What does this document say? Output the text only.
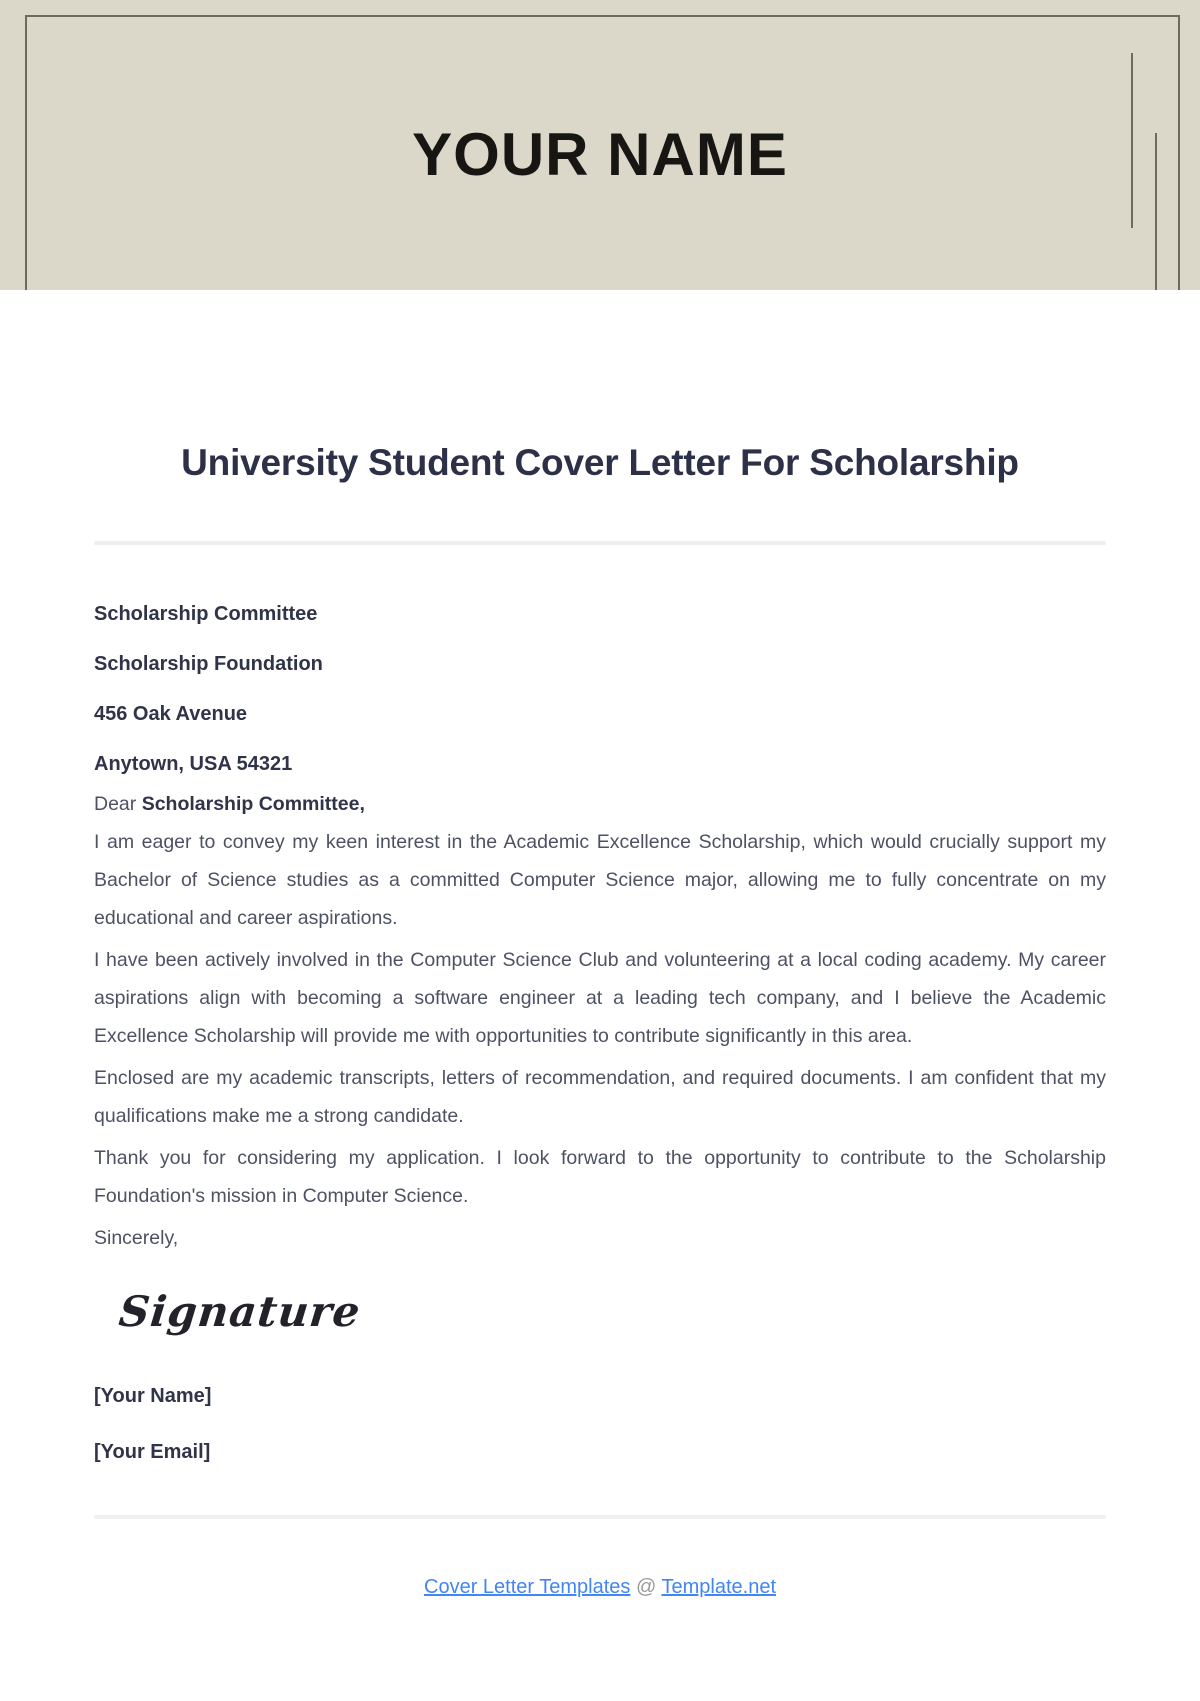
YOUR NAME
University Student Cover Letter For Scholarship

Scholarship Committee

Scholarship Foundation

456 Oak Avenue

Anytown, USA 54321

Dear Scholarship Committee,

I am eager to convey my keen interest in the Academic Excellence Scholarship, which would crucially support my Bachelor of Science studies as a committed Computer Science major, allowing me to fully concentrate on my educational and career aspirations.

I have been actively involved in the Computer Science Club and volunteering at a local coding academy. My career aspirations align with becoming a software engineer at a leading tech company, and I believe the Academic Excellence Scholarship will provide me with opportunities to contribute significantly in this area.

Enclosed are my academic transcripts, letters of recommendation, and required documents. I am confident that my qualifications make me a strong candidate.

Thank you for considering my application. I look forward to the opportunity to contribute to the Scholarship Foundation's mission in Computer Science.

Sincerely,

Signature

[Your Name]

[Your Email]

Cover Letter Templates @ Template.net
